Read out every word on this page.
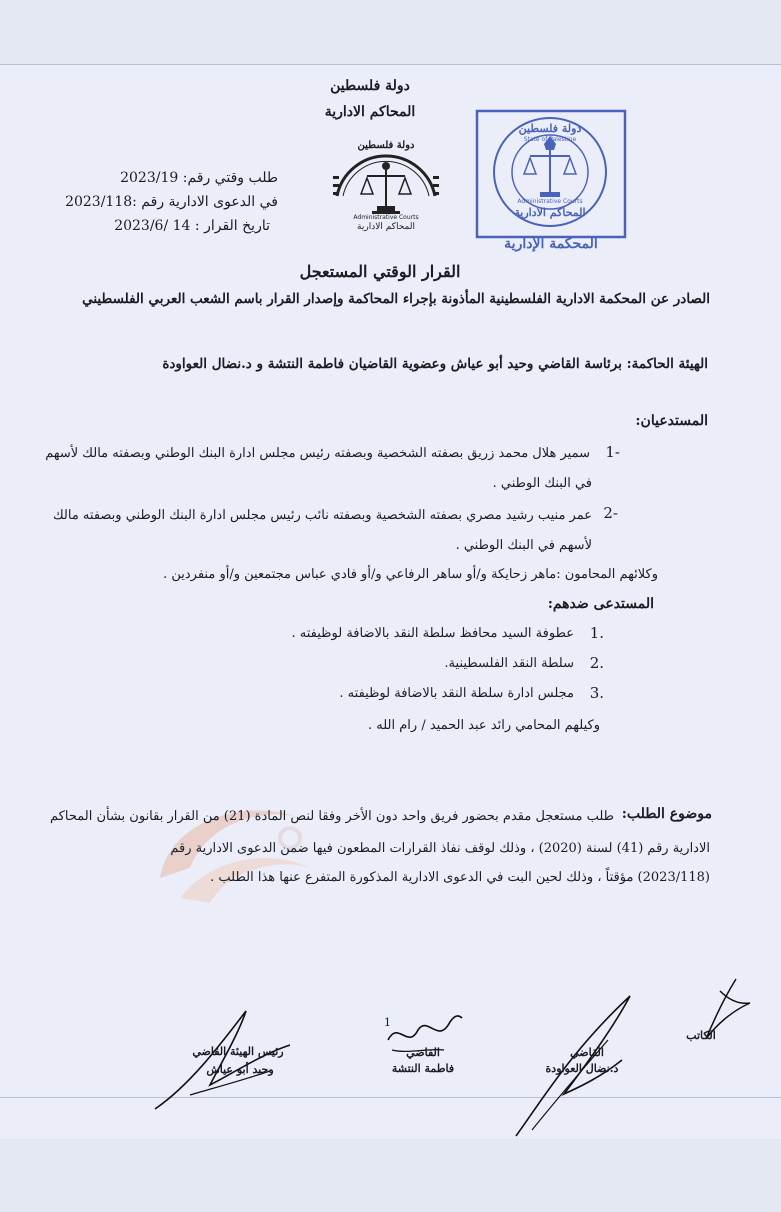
دولة فلسطين
المحاكم الادارية
طلب وقتي رقم: 2023/19
في الدعوى الادارية رقم :2023/118
تاريخ القرار : 14 /2023/6
دولة فلسطين
Administrative Courts
المحاكم الادارية
دولة فلسطين
State of Palestine
Administrative Courts
المحاكم الادارية
المحكمة الإدارية
القرار الوقتي المستعجل
الصادر عن المحكمة الادارية الفلسطينية المأذونة بإجراء المحاكمة وإصدار القرار باسم الشعب العربي الفلسطيني
الهيئة الحاكمة: برئاسة القاضي وحيد أبو عياش وعضوية القاضيان فاطمة النتشة و د.نضال العواودة
المستدعيان:
1-
سمير هلال محمد زريق بصفته الشخصية وبصفته رئيس مجلس ادارة البنك الوطني وبصفته مالك لأسهم
في البنك الوطني .
2-
عمر منيب رشيد مصري بصفته الشخصية وبصفته نائب رئيس مجلس ادارة البنك الوطني وبصفته مالك
لأسهم في البنك الوطني .
وكلائهم المحامون :ماهر زحايكة و/أو ساهر الرفاعي و/أو فادي عباس مجتمعين و/أو منفردين .
المستدعى ضدهم:
1.
عطوفة السيد محافظ سلطة النقد بالاضافة لوظيفته .
2.
سلطة النقد الفلسطينية.
3.
مجلس ادارة سلطة النقد بالاضافة لوظيفته .
وكيلهم المحامي رائد عبد الحميد / رام الله .
موضوع الطلب:
طلب مستعجل مقدم بحضور فريق واحد دون الأخر وفقا لنص المادة (21) من القرار بقانون بشأن المحاكم
الادارية رقم (41) لسنة (2020) ، وذلك لوقف نفاذ القرارات المطعون فيها ضمن الدعوى الادارية رقم
(2023/118) مؤقتاً ، وذلك لحين البت في الدعوى الادارية المذكورة المتفرع عنها هذا الطلب .
1
رئيس الهيئة القاضي
وحيد أبو عياش
القاضي
فاطمة النتشة
القاضي
د.نضال العواودة
الكاتب
